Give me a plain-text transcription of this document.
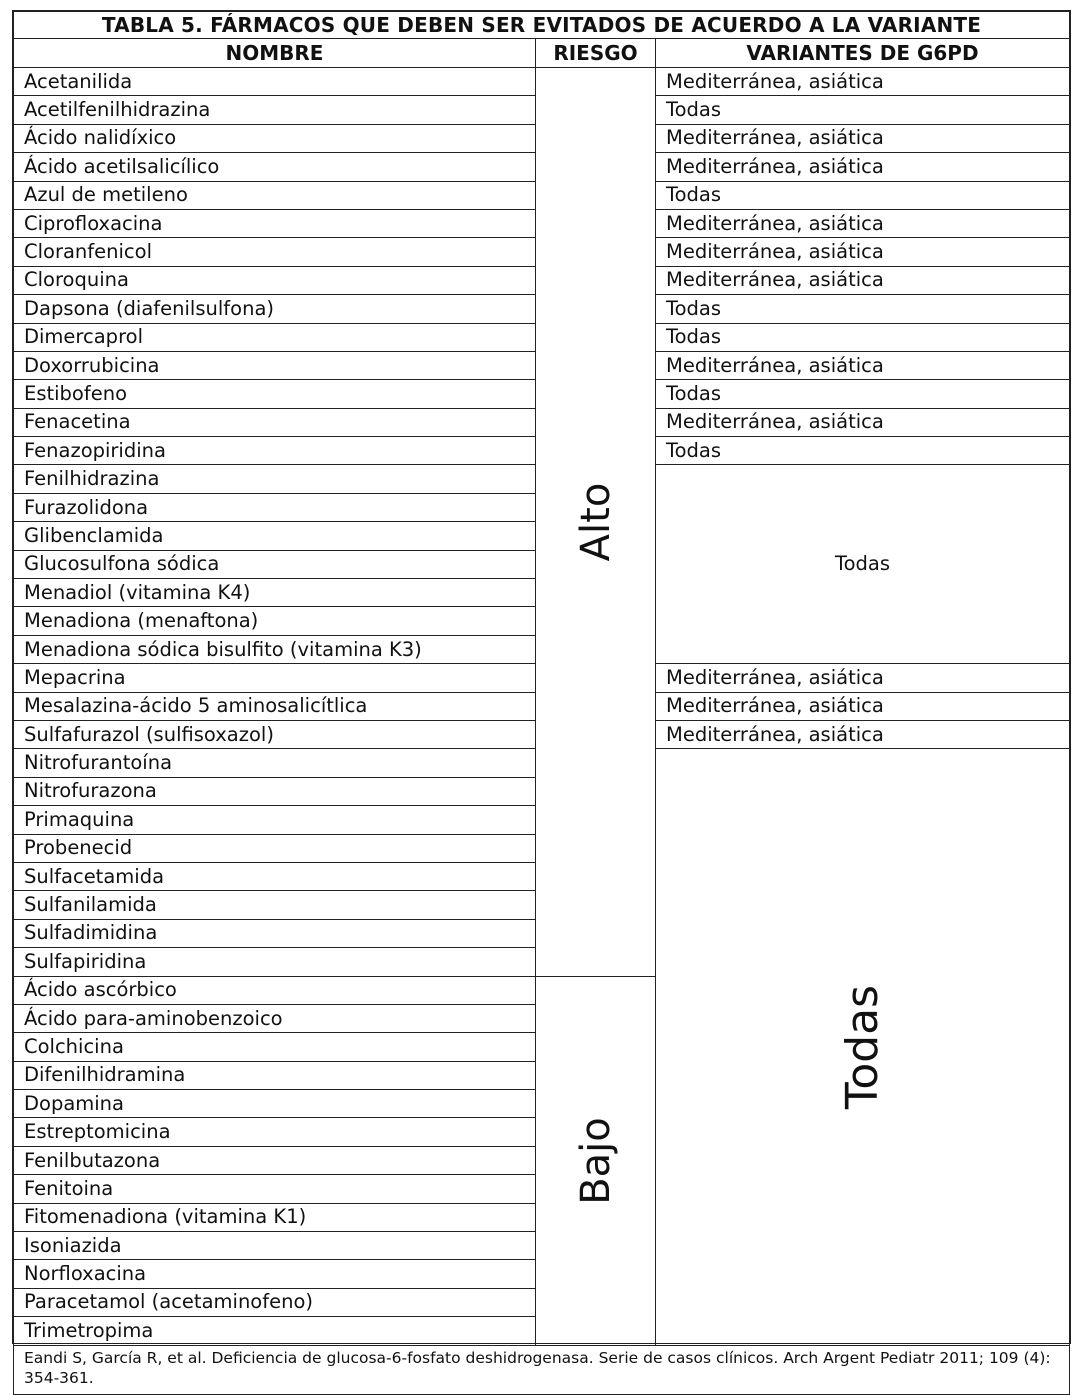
TABLA 5. FÁRMACOS QUE DEBEN SER EVITADOS DE ACUERDO A LA VARIANTE		
NOMBRE	RIESGO	VARIANTES DE G6PD
Acetanilida	Alto	Mediterránea, asiática
Acetilfenilhidrazina		Todas
Ácido nalidíxico		Mediterránea, asiática
Ácido acetilsalicílico		Mediterránea, asiática
Azul de metileno		Todas
Ciprofloxacina		Mediterránea, asiática
Cloranfenicol		Mediterránea, asiática
Cloroquina		Mediterránea, asiática
Dapsona (diafenilsulfona)		Todas
Dimercaprol		Todas
Doxorrubicina		Mediterránea, asiática
Estibofeno		Todas
Fenacetina		Mediterránea, asiática
Fenazopiridina		Todas
Fenilhidrazina		Todas
Furazolidona		
Glibenclamida		
Glucosulfona sódica		
Menadiol (vitamina K4)		
Menadiona (menaftona)		
Menadiona sódica bisulfito (vitamina K3)		
Mepacrina		Mediterránea, asiática
Mesalazina-ácido 5 aminosalicítlica		Mediterránea, asiática
Sulfafurazol (sulfisoxazol)		Mediterránea, asiática
Nitrofurantoína		Todas

Nitrofurazona		
Primaquina		
Probenecid		
Sulfacetamida		
Sulfanilamida		
Sulfadimidina		
Sulfapiridina		
Ácido ascórbico	Bajo	

Ácido para-aminobenzoico		
Colchicina		
Difenilhidramina		
Dopamina		
Estreptomicina		
Fenilbutazona		
Fenitoina		
Fitomenadiona (vitamina K1)		
Isoniazida		
Norfloxacina		
Paracetamol (acetaminofeno)		
Trimetropima		
Eandi S, García R, et al. Deficiencia de glucosa-6-fosfato deshidrogenasa. Serie de casos clínicos. Arch Argent Pediatr 2011; 109 (4): 354-361.		
